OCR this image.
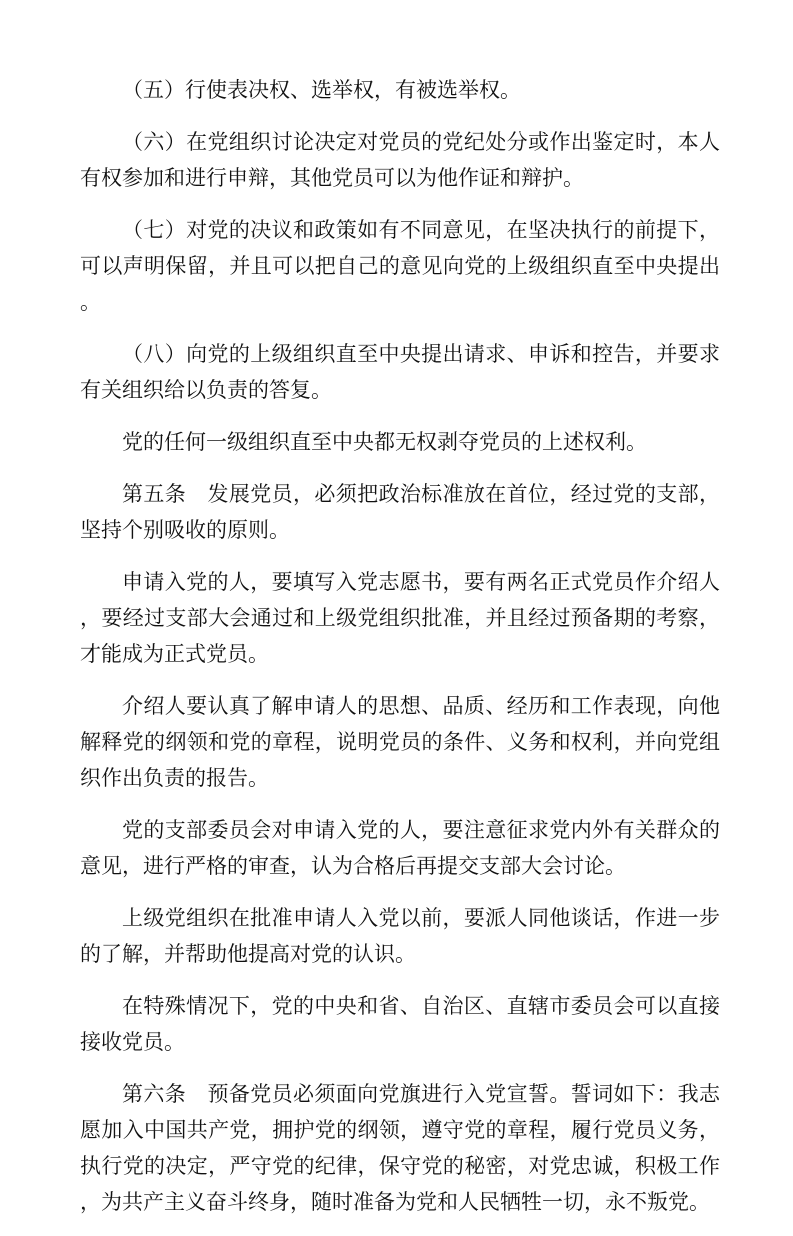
（五）行使表决权、选举权，有被选举权。

（六）在党组织讨论决定对党员的党纪处分或作出鉴定时，本人有权参加和进行申辩，其他党员可以为他作证和辩护。

（七）对党的决议和政策如有不同意见，在坚决执行的前提下，可以声明保留，并且可以把自己的意见向党的上级组织直至中央提出。

（八）向党的上级组织直至中央提出请求、申诉和控告，并要求有关组织给以负责的答复。

党的任何一级组织直至中央都无权剥夺党员的上述权利。

第五条　发展党员，必须把政治标准放在首位，经过党的支部，坚持个别吸收的原则。

申请入党的人，要填写入党志愿书，要有两名正式党员作介绍人，要经过支部大会通过和上级党组织批准，并且经过预备期的考察，才能成为正式党员。

介绍人要认真了解申请人的思想、品质、经历和工作表现，向他解释党的纲领和党的章程，说明党员的条件、义务和权利，并向党组织作出负责的报告。

党的支部委员会对申请入党的人，要注意征求党内外有关群众的意见，进行严格的审查，认为合格后再提交支部大会讨论。

上级党组织在批准申请人入党以前，要派人同他谈话，作进一步的了解，并帮助他提高对党的认识。

在特殊情况下，党的中央和省、自治区、直辖市委员会可以直接接收党员。

第六条　预备党员必须面向党旗进行入党宣誓。誓词如下：我志愿加入中国共产党，拥护党的纲领，遵守党的章程，履行党员义务，执行党的决定，严守党的纪律，保守党的秘密，对党忠诚，积极工作，为共产主义奋斗终身，随时准备为党和人民牺牲一切，永不叛党。
